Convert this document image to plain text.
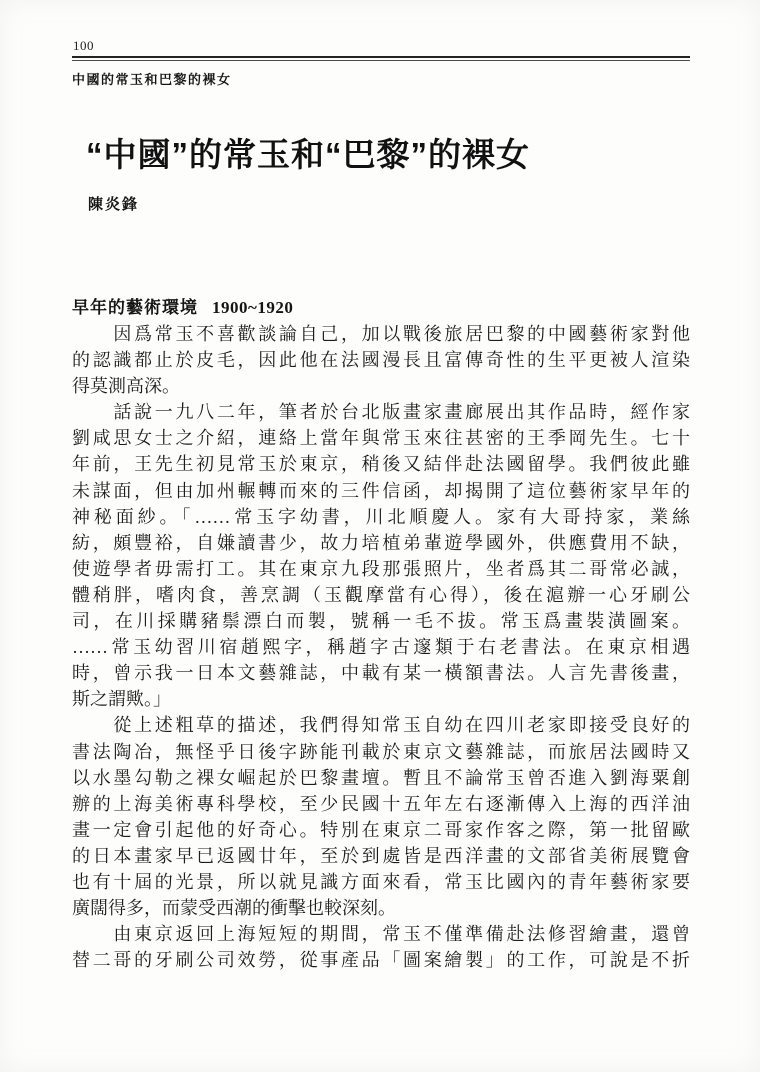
100
中國的常玉和巴黎的裸女
“中國”的常玉和“巴黎”的裸女
陳炎鋒
早年的藝術環境 1900~1920
　　因爲常玉不喜歡談論自己，加以戰後旅居巴黎的中國藝術家對他
的認識都止於皮毛，因此他在法國漫長且富傳奇性的生平更被人渲染
得莫測高深。
　　話說一九八二年，筆者於台北版畫家畫廊展出其作品時，經作家
劉咸思女士之介紹，連絡上當年與常玉來往甚密的王季岡先生。七十
年前，王先生初見常玉於東京，稍後又結伴赴法國留學。我們彼此雖
未謀面，但由加州輾轉而來的三件信函，却揭開了這位藝術家早年的
神秘面紗。「……常玉字幼書，川北順慶人。家有大哥持家，業絲
紡，頗豐裕，自嫌讀書少，故力培植弟輩遊學國外，供應費用不缺，
使遊學者毋需打工。其在東京九段那張照片，坐者爲其二哥常必誠，
體稍胖，嗜肉食，善烹調（玉觀摩當有心得），後在滬辦一心牙刷公
司，在川採購豬鬃漂白而製，號稱一毛不拔。常玉爲畫裝潢圖案。
……常玉幼習川宿趙熙字，稱趙字古邃類于右老書法。在東京相遇
時，曾示我一日本文藝雜誌，中載有某一橫額書法。人言先書後畫，
斯之謂歟。」
　　從上述粗草的描述，我們得知常玉自幼在四川老家即接受良好的
書法陶冶，無怪乎日後字跡能刊載於東京文藝雜誌，而旅居法國時又
以水墨勾勒之裸女崛起於巴黎畫壇。暫且不論常玉曾否進入劉海粟創
辦的上海美術專科學校，至少民國十五年左右逐漸傳入上海的西洋油
畫一定會引起他的好奇心。特別在東京二哥家作客之際，第一批留歐
的日本畫家早已返國廿年，至於到處皆是西洋畫的文部省美術展覽會
也有十屆的光景，所以就見識方面來看，常玉比國內的青年藝術家要
廣闊得多，而蒙受西潮的衝擊也較深刻。
　　由東京返回上海短短的期間，常玉不僅準備赴法修習繪畫，還曾
替二哥的牙刷公司效勞，從事產品「圖案繪製」的工作，可說是不折
